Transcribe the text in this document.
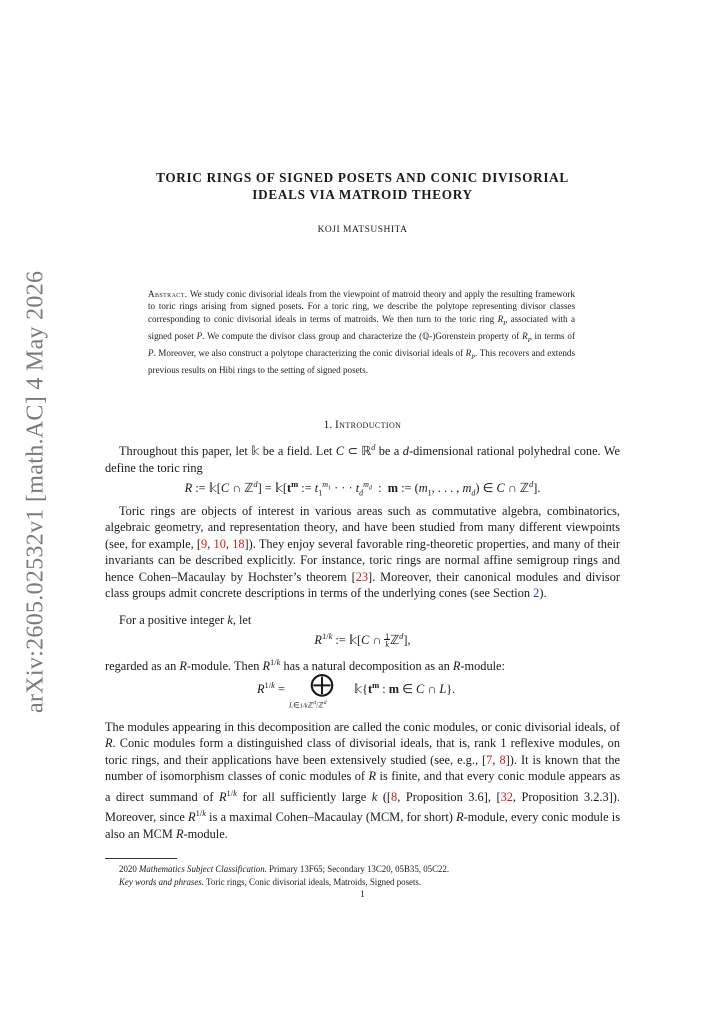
arXiv:2605.02532v1 [math.AC] 4 May 2026
TORIC RINGS OF SIGNED POSETS AND CONIC DIVISORIAL
IDEALS VIA MATROID THEORY
KOJI MATSUSHITA
Abstract. We study conic divisorial ideals from the viewpoint of matroid theory and apply the resulting framework to toric rings arising from signed posets. For a toric ring, we describe the polytope representing divisor classes corresponding to conic divisorial ideals in terms of matroids. We then turn to the toric ring $R_P$ associated with a signed poset P. We compute the divisor class group and characterize the (ℚ-)Gorenstein property of $R_P$ in terms of P. Moreover, we also construct a polytope characterizing the conic divisorial ideals of $R_P$. This recovers and extends previous results on Hibi rings to the setting of signed posets.
1. Introduction
Throughout this paper, let 𝕜 be a field. Let C ⊂ ℝ$^d$ be a d-dimensional rational polyhedral cone. We define the toric ring
R := 𝕜[C ∩ ℤ$^d$] = $𝕜[t^m$ := $t_1^{m_1}$ · · · $t_d^{m_d}$  :  m := ($m_1$, . . . , $m_d$) ∈ C ∩ ℤ$^d$].
Toric rings are objects of interest in various areas such as commutative algebra, combinatorics, algebraic geometry, and representation theory, and have been studied from many different viewpoints (see, for example, [9, 10, 18]). They enjoy several favorable ring-theoretic properties, and many of their invariants can be described explicitly. For instance, toric rings are normal affine semigroup rings and hence Cohen–Macaulay by Hochster’s theorem [23]. Moreover, their canonical modules and divisor class groups admit concrete descriptions in terms of the underlying cones (see Section 2).
For a positive integer k, let
$R^{1/k}$ := 𝕜[C ∩ 1
kℤ$^d$],
regarded as an R-module. Then $R^{1/k}$ has a natural decomposition as an R-module:
$R^{1/k}$ = ⨁
L∈1/kℤ$^d$/ℤ$^d$
$𝕜\{t^m$ : m ∈ C ∩ L}.
The modules appearing in this decomposition are called the conic modules, or conic divisorial ideals, of R. Conic modules form a distinguished class of divisorial ideals, that is, rank 1 reflexive modules, on toric rings, and their applications have been extensively studied (see, e.g., [7, 8]). It is known that the number of isomorphism classes of conic modules of R is finite, and that every conic module appears as a direct summand of $R^{1/k}$ for all sufficiently large k ([8, Proposition 3.6], [32, Proposition 3.2.3]). Moreover, since $R^{1/k}$ is a maximal Cohen–Macaulay (MCM, for short) R-module, every conic module is also an MCM R-module.
2020 Mathematics Subject Classification. Primary 13F65; Secondary 13C20, 05B35, 05C22.
Key words and phrases. Toric rings, Conic divisorial ideals, Matroids, Signed posets.
1
